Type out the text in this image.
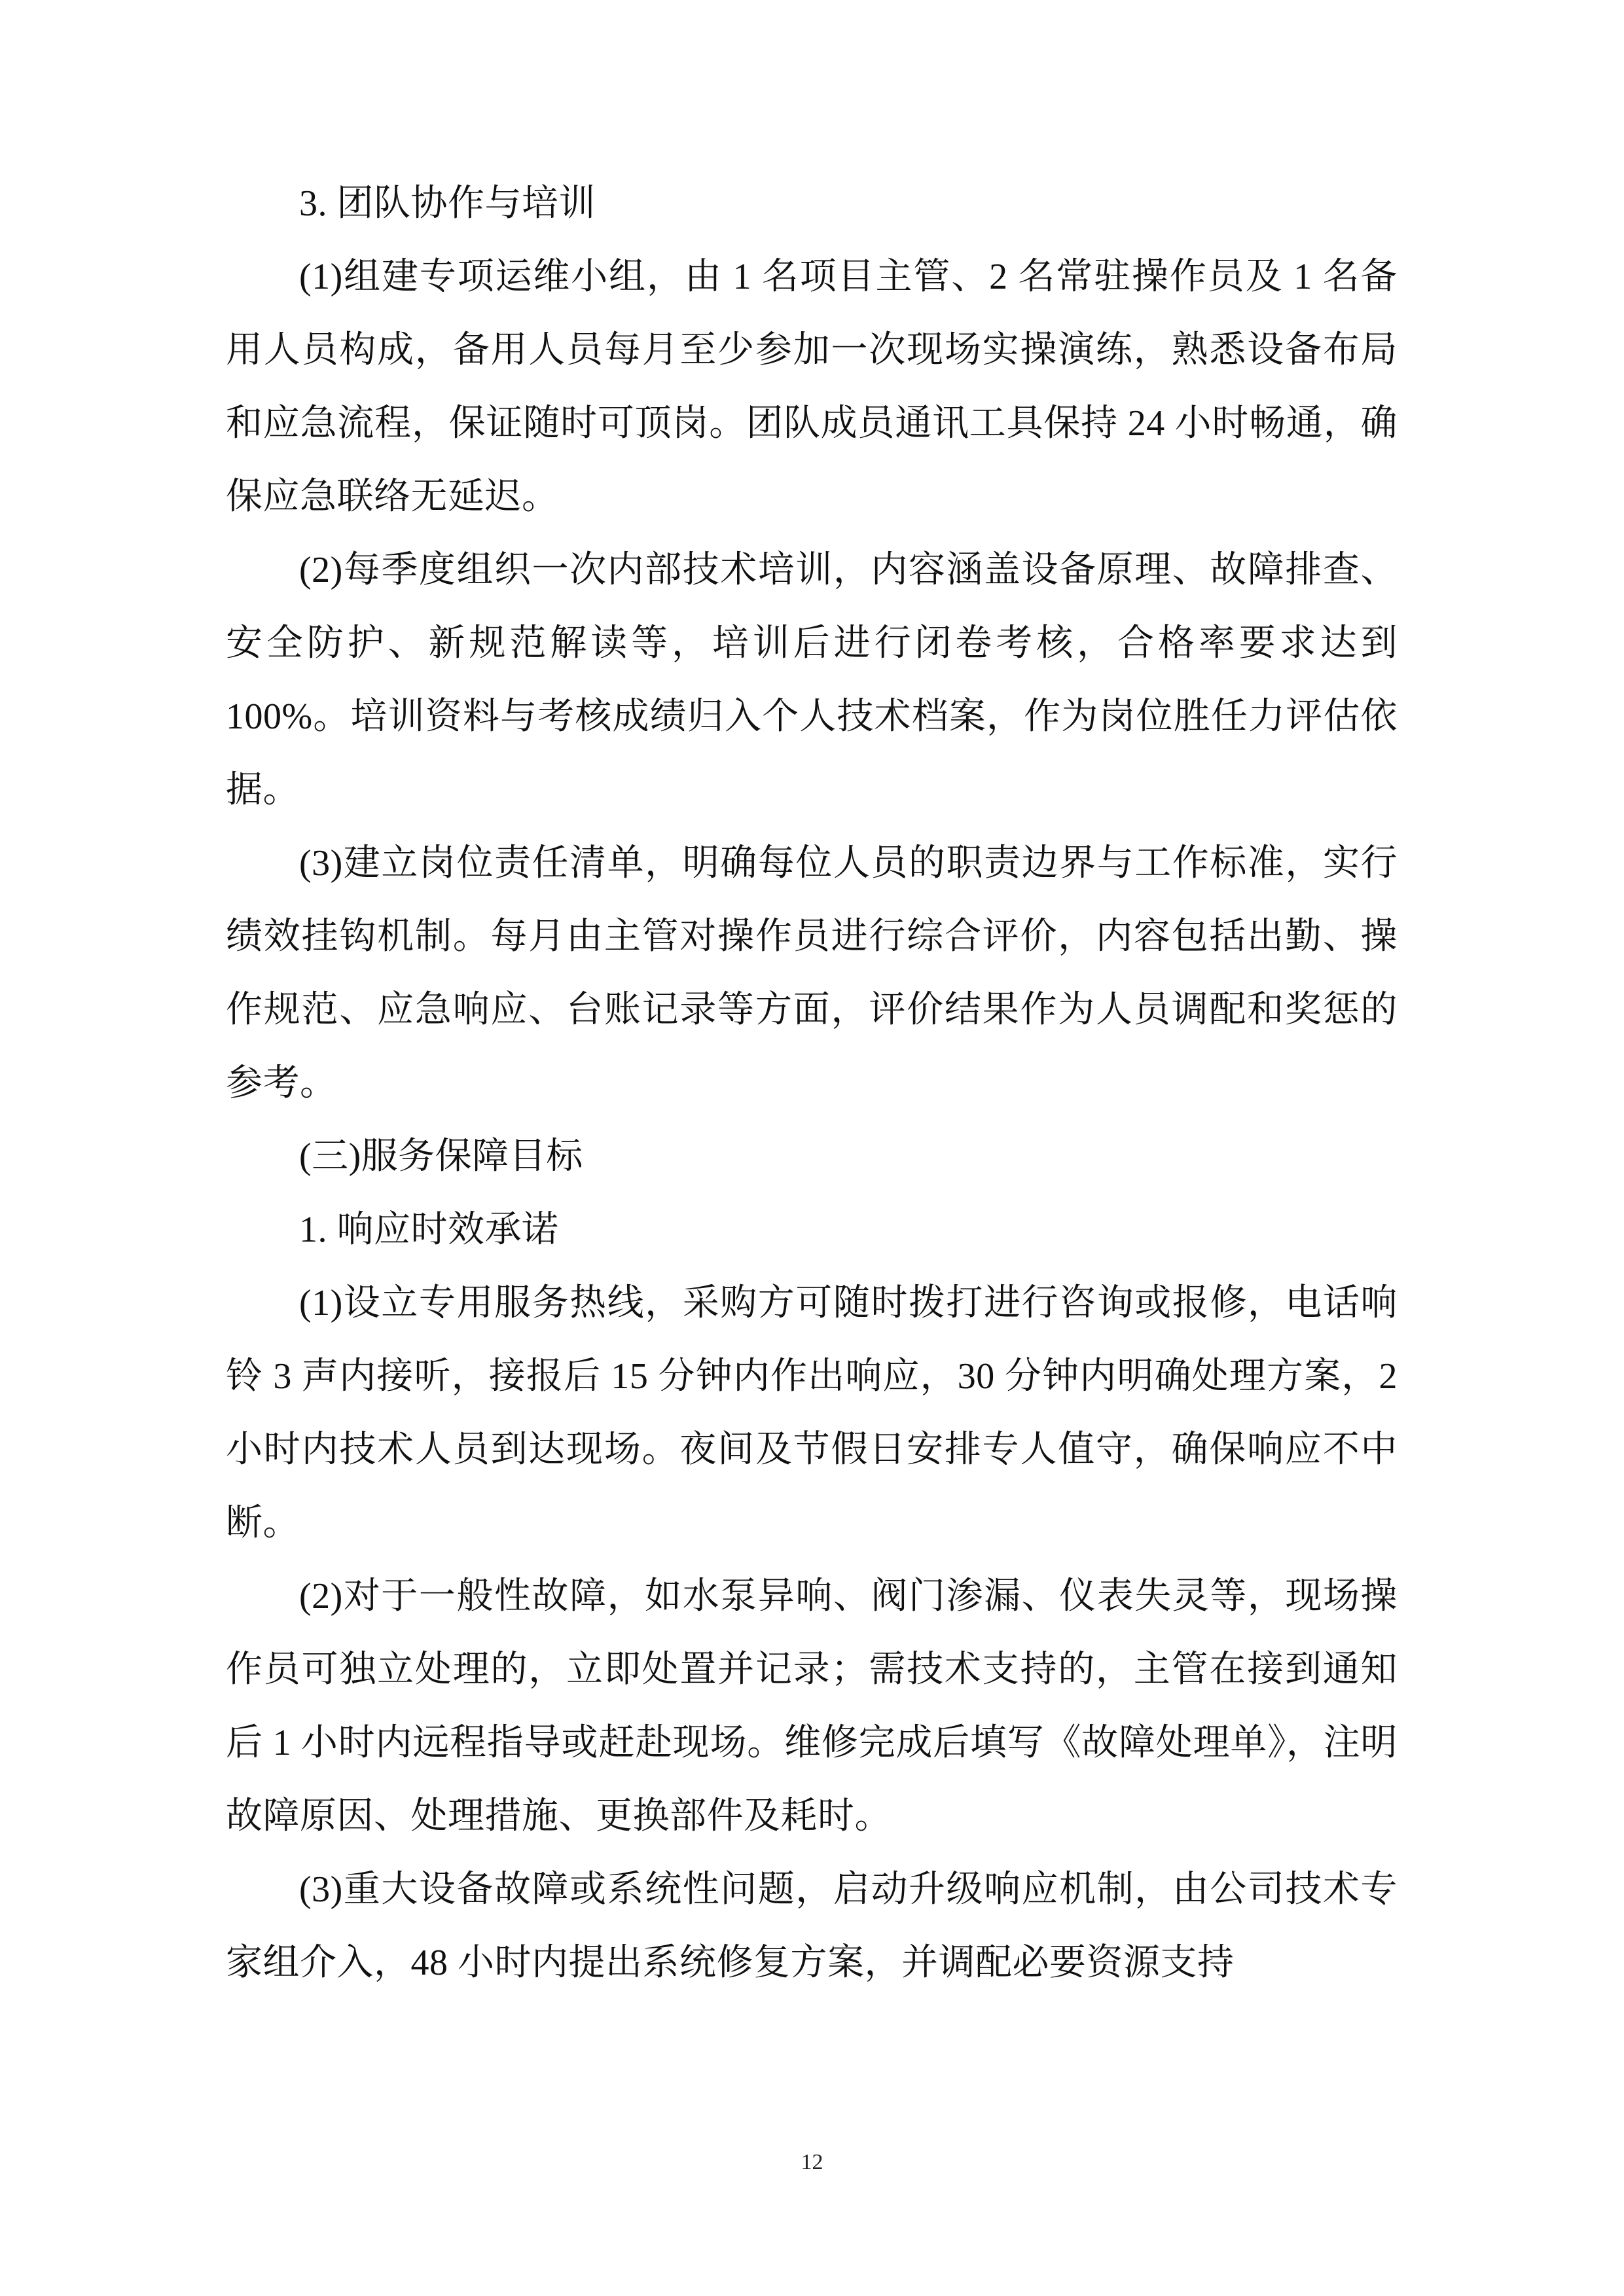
3. 团队协作与培训

(1)组建专项运维小组，由 1 名项目主管、2 名常驻操作员及 1 名备用人员构成，备用人员每月至少参加一次现场实操演练，熟悉设备布局和应急流程，保证随时可顶岗。团队成员通讯工具保持 24 小时畅通，确保应急联络无延迟。

(2)每季度组织一次内部技术培训，内容涵盖设备原理、故障排查、安全防护、新规范解读等，培训后进行闭卷考核，合格率要求达到 100%。培训资料与考核成绩归入个人技术档案，作为岗位胜任力评估依据。

(3)建立岗位责任清单，明确每位人员的职责边界与工作标准，实行绩效挂钩机制。每月由主管对操作员进行综合评价，内容包括出勤、操作规范、应急响应、台账记录等方面，评价结果作为人员调配和奖惩的参考。

(三)服务保障目标

1. 响应时效承诺

(1)设立专用服务热线，采购方可随时拨打进行咨询或报修，电话响铃 3 声内接听，接报后 15 分钟内作出响应，30 分钟内明确处理方案，2 小时内技术人员到达现场。夜间及节假日安排专人值守，确保响应不中断。

(2)对于一般性故障，如水泵异响、阀门渗漏、仪表失灵等，现场操作员可独立处理的，立即处置并记录；需技术支持的，主管在接到通知后 1 小时内远程指导或赶赴现场。维修完成后填写《故障处理单》，注明故障原因、处理措施、更换部件及耗时。

(3)重大设备故障或系统性问题，启动升级响应机制，由公司技术专家组介入，48 小时内提出系统修复方案，并调配必要资源支持

12
